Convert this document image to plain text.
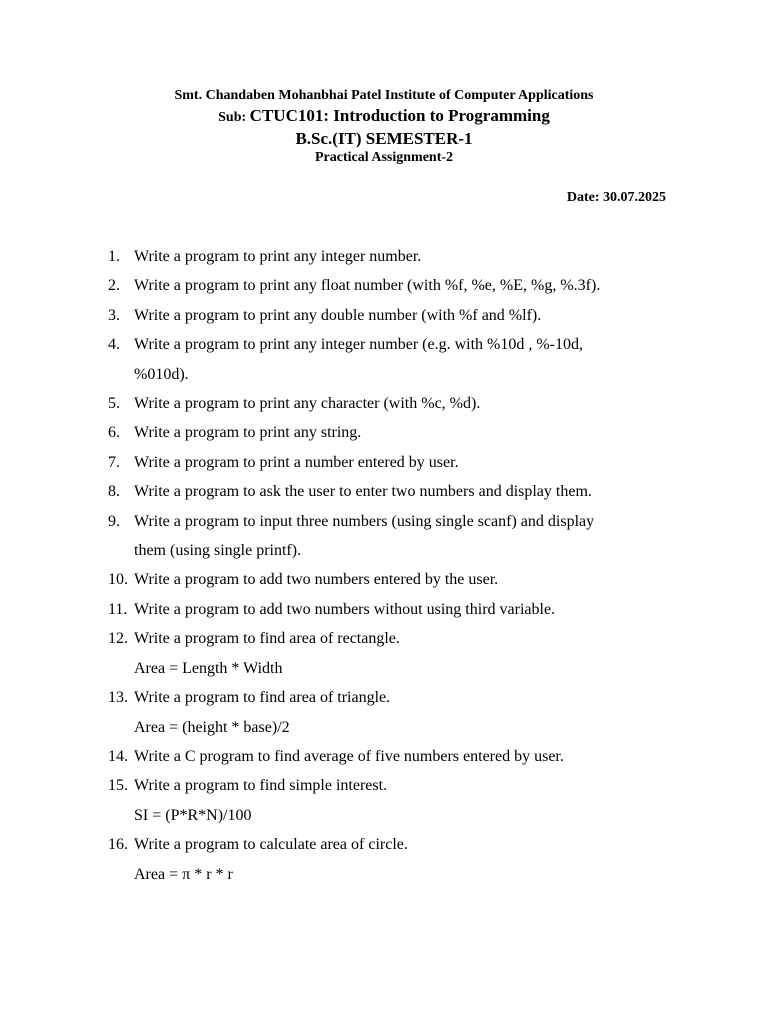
Smt. Chandaben Mohanbhai Patel Institute of Computer Applications
Sub: CTUC101: Introduction to Programming
B.Sc.(IT) SEMESTER-1
Practical Assignment-2
Date: 30.07.2025
1. Write a program to print any integer number.
2. Write a program to print any float number (with %f, %e, %E, %g, %.3f).
3. Write a program to print any double number (with %f and %lf).
4. Write a program to print any integer number (e.g. with %10d , %-10d,
%010d).
5. Write a program to print any character (with %c, %d).
6. Write a program to print any string.
7. Write a program to print a number entered by user.
8. Write a program to ask the user to enter two numbers and display them.
9. Write a program to input three numbers (using single scanf) and display
them (using single printf).
10. Write a program to add two numbers entered by the user.
11. Write a program to add two numbers without using third variable.
12. Write a program to find area of rectangle.
Area = Length * Width
13. Write a program to find area of triangle.
Area = (height * base)/2
14. Write a C program to find average of five numbers entered by user.
15. Write a program to find simple interest.
SI = (P*R*N)/100
16. Write a program to calculate area of circle.
Area = π * r * r
